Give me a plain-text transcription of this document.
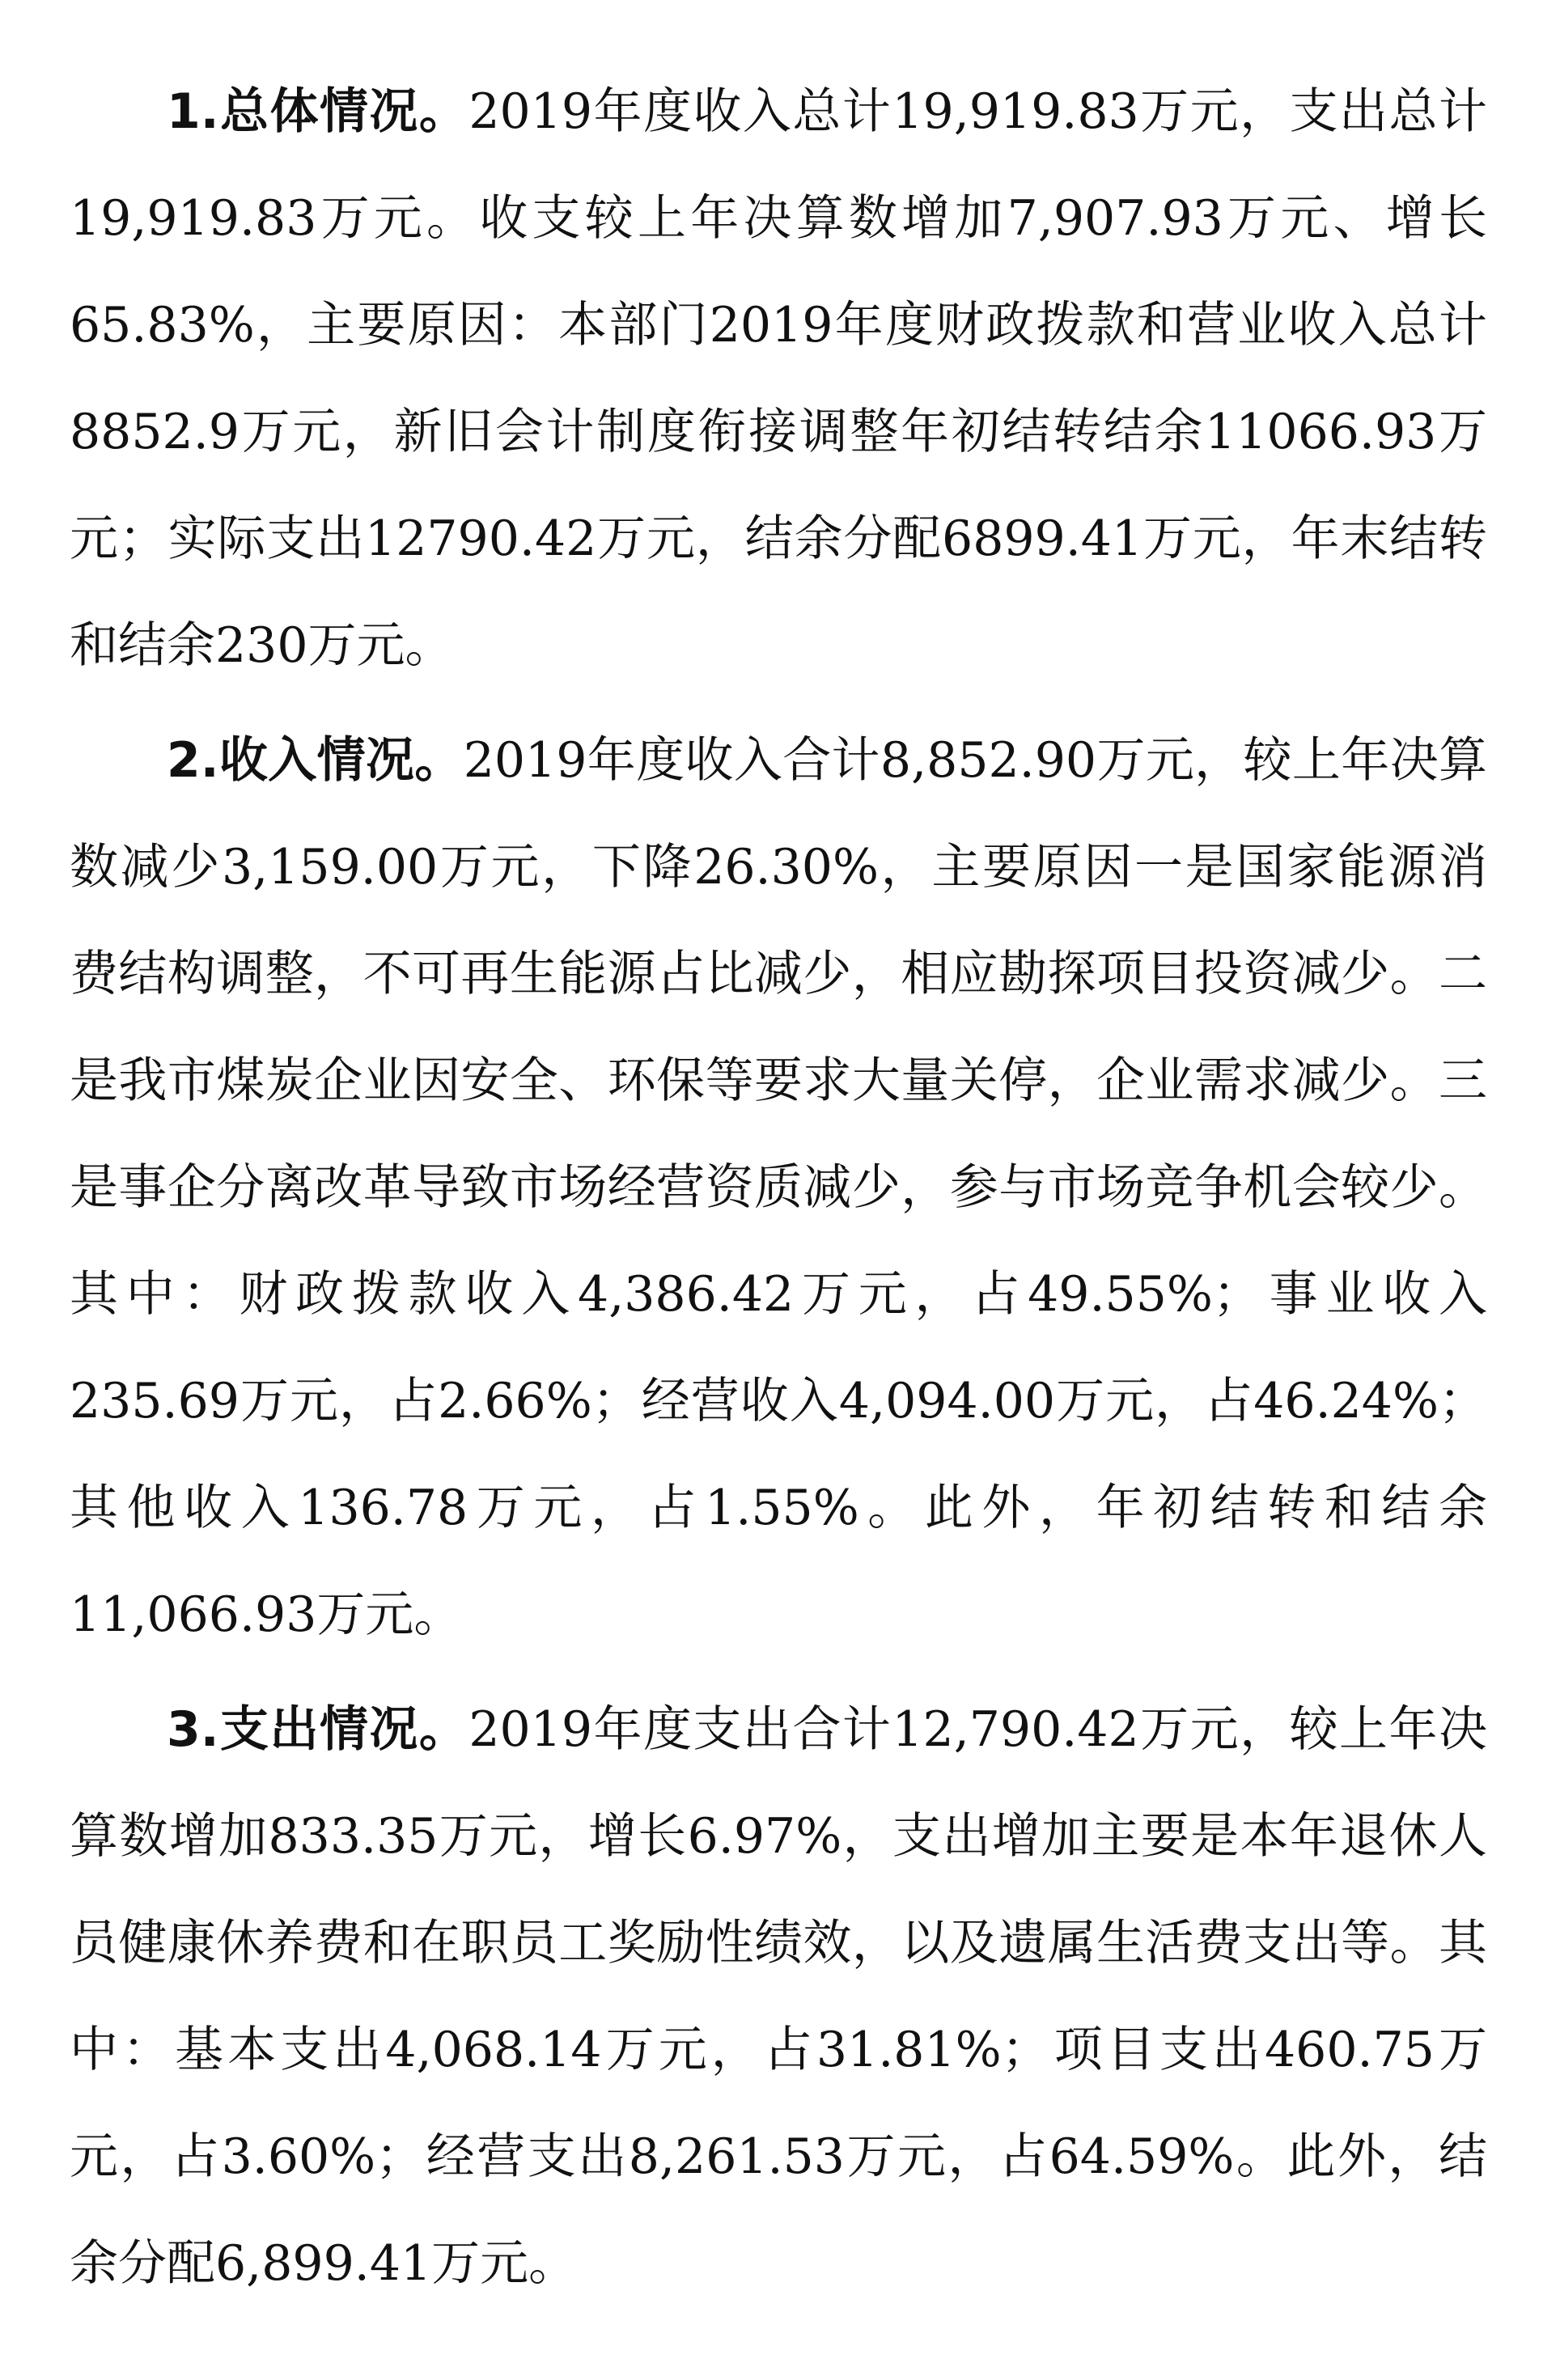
1.总体情况。2019年度收入总计19,919.83万元，支出总计19,919.83万元。收支较上年决算数增加7,907.93万元、增长65.83%，主要原因：本部门2019年度财政拨款和营业收入总计8852.9万元，新旧会计制度衔接调整年初结转结余11066.93万元；实际支出12790.42万元，结余分配6899.41万元，年末结转和结余230万元。

2.收入情况。2019年度收入合计8,852.90万元，较上年决算数减少3,159.00万元，下降26.30%，主要原因一是国家能源消费结构调整，不可再生能源占比减少，相应勘探项目投资减少。二是我市煤炭企业因安全、环保等要求大量关停，企业需求减少。三是事企分离改革导致市场经营资质减少，参与市场竞争机会较少。其中：财政拨款收入4,386.42万元，占49.55%；事业收入235.69万元，占2.66%；经营收入4,094.00万元，占46.24%；其他收入136.78万元，占1.55%。此外，年初结转和结余11,066.93万元。

3.支出情况。2019年度支出合计12,790.42万元，较上年决算数增加833.35万元，增长6.97%，支出增加主要是本年退休人员健康休养费和在职员工奖励性绩效，以及遗属生活费支出等。其中：基本支出4,068.14万元，占31.81%；项目支出460.75万元，占3.60%；经营支出8,261.53万元，占64.59%。此外，结余分配6,899.41万元。
